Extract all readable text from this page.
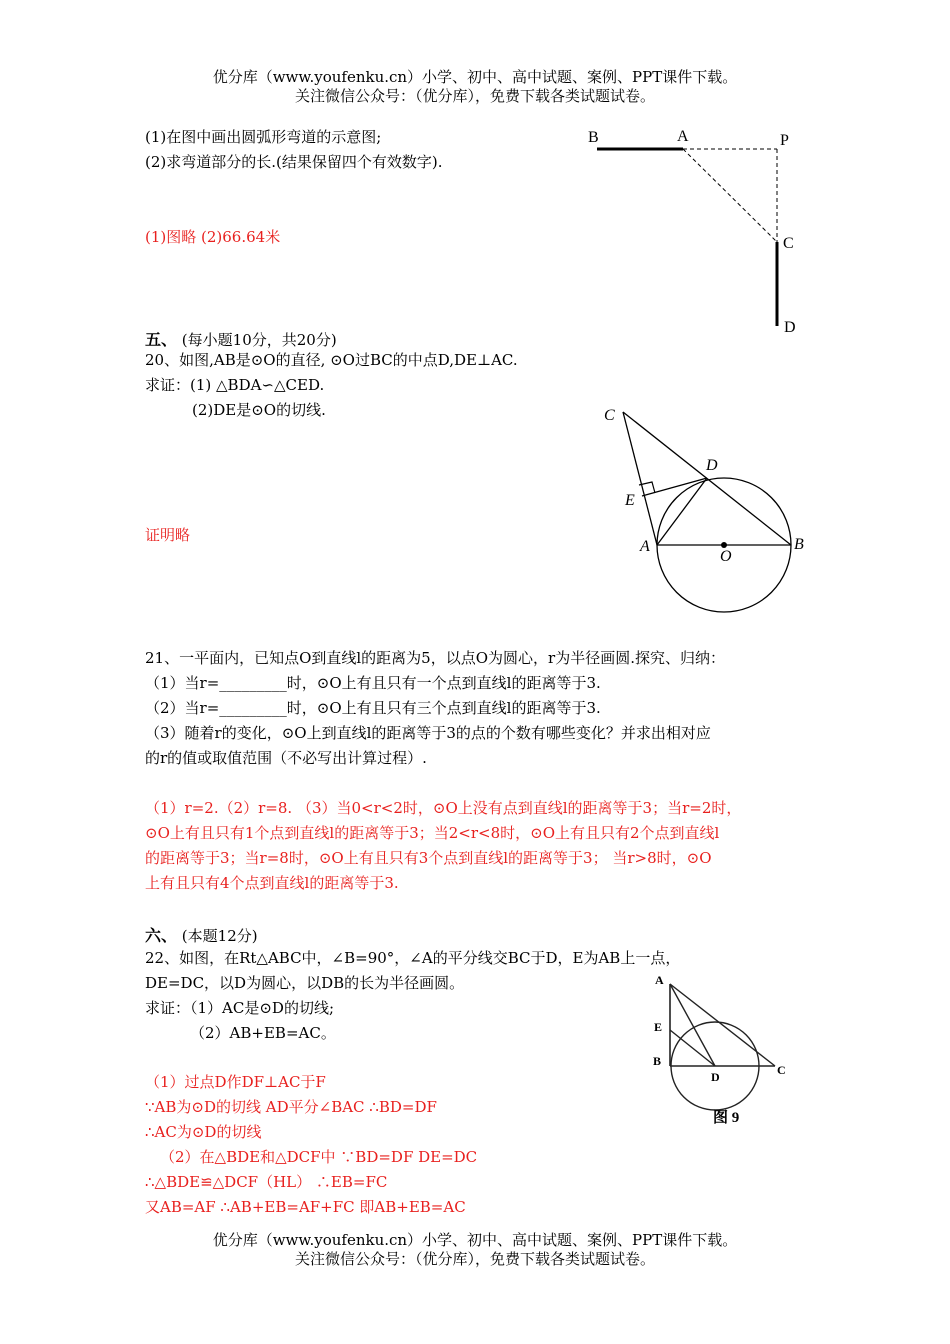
优分库（www.youfenku.cn）小学、初中、高中试题、案例、PPT课件下载。
关注微信公众号：（优分库），免费下载各类试题试卷。
(1)在图中画出圆弧形弯道的示意图;
(2)求弯道部分的长.(结果保留四个有效数字).
(1)图略 (2)66.64米
B	A	P
C
D
五、 (每小题10分，共20分)
20、如图,AB是⊙O的直径, ⊙O过BC的中点D,DE⊥AC.
求证：(1) △BDA∽△CED.
(2)DE是⊙O的切线.
证明略
C
D
E
A
O
B
21、一平面内，已知点O到直线l的距离为5，以点O为圆心，r为半径画圆.探究、归纳：
（1）当r=_________时，⊙O上有且只有一个点到直线l的距离等于3.
（2）当r=_________时，⊙O上有且只有三个点到直线l的距离等于3.
（3）随着r的变化，⊙O上到直线l的距离等于3的点的个数有哪些变化？并求出相对应
的r的值或取值范围（不必写出计算过程）.
（1）r=2.（2）r=8. （3）当0<r<2时，⊙O上没有点到直线l的距离等于3；当r=2时，
⊙O上有且只有1个点到直线l的距离等于3；当2<r<8时，⊙O上有且只有2个点到直线l
的距离等于3；当r=8时，⊙O上有且只有3个点到直线l的距离等于3； 当r>8时，⊙O
上有且只有4个点到直线l的距离等于3.
六、 (本题12分)
22、如图，在Rt△ABC中，∠B=90°，∠A的平分线交BC于D，E为AB上一点，
DE=DC，以D为圆心，以DB的长为半径画圆。
求证：（1）AC是⊙D的切线;
（2）AB+EB=AC。
（1）过点D作DF⊥AC于F
∵AB为⊙D的切线 AD平分∠BAC ∴BD=DF
∴AC为⊙D的切线
（2）在△BDE和△DCF中 ∵BD=DF DE=DC
∴△BDE≌△DCF（HL） ∴EB=FC
又AB=AF ∴AB+EB=AF+FC 即AB+EB=AC
A
E
B
D	C
图 9
优分库（www.youfenku.cn）小学、初中、高中试题、案例、PPT课件下载。
关注微信公众号：（优分库），免费下载各类试题试卷。
